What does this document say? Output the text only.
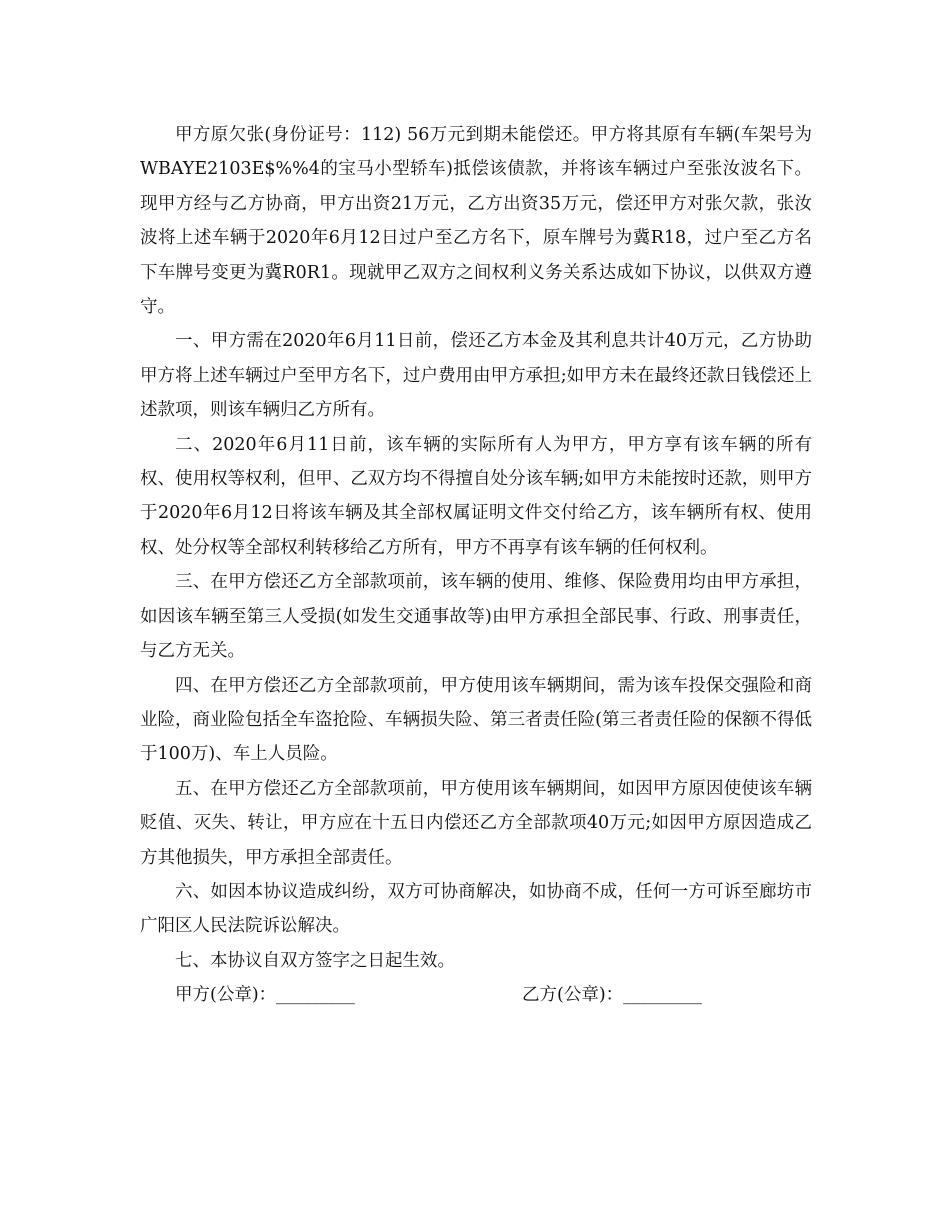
甲方原欠张(身份证号：112) 56万元到期未能偿还。甲方将其原有车辆(车架号为WBAYE2103E$%%4的宝马小型轿车)抵偿该债款，并将该车辆过户至张汝波名下。现甲方经与乙方协商，甲方出资21万元，乙方出资35万元，偿还甲方对张欠款，张汝波将上述车辆于2020年6月12日过户至乙方名下，原车牌号为冀R18，过户至乙方名下车牌号变更为冀R0R1。现就甲乙双方之间权利义务关系达成如下协议，以供双方遵守。

一、甲方需在2020年6月11日前，偿还乙方本金及其利息共计40万元，乙方协助甲方将上述车辆过户至甲方名下，过户费用由甲方承担;如甲方未在最终还款日钱偿还上述款项，则该车辆归乙方所有。

二、2020年6月11日前，该车辆的实际所有人为甲方，甲方享有该车辆的所有权、使用权等权利，但甲、乙双方均不得擅自处分该车辆;如甲方未能按时还款，则甲方于2020年6月12日将该车辆及其全部权属证明文件交付给乙方，该车辆所有权、使用权、处分权等全部权利转移给乙方所有，甲方不再享有该车辆的任何权利。

三、在甲方偿还乙方全部款项前，该车辆的使用、维修、保险费用均由甲方承担，如因该车辆至第三人受损(如发生交通事故等)由甲方承担全部民事、行政、刑事责任，与乙方无关。

四、在甲方偿还乙方全部款项前，甲方使用该车辆期间，需为该车投保交强险和商业险，商业险包括全车盗抢险、车辆损失险、第三者责任险(第三者责任险的保额不得低于100万)、车上人员险。

五、在甲方偿还乙方全部款项前，甲方使用该车辆期间，如因甲方原因使使该车辆贬值、灭失、转让，甲方应在十五日内偿还乙方全部款项40万元;如因甲方原因造成乙方其他损失，甲方承担全部责任。

六、如因本协议造成纠纷，双方可协商解决，如协商不成，任何一方可诉至廊坊市广阳区人民法院诉讼解决。

七、本协议自双方签字之日起生效。

甲方(公章)：_________	乙方(公章)：_________
